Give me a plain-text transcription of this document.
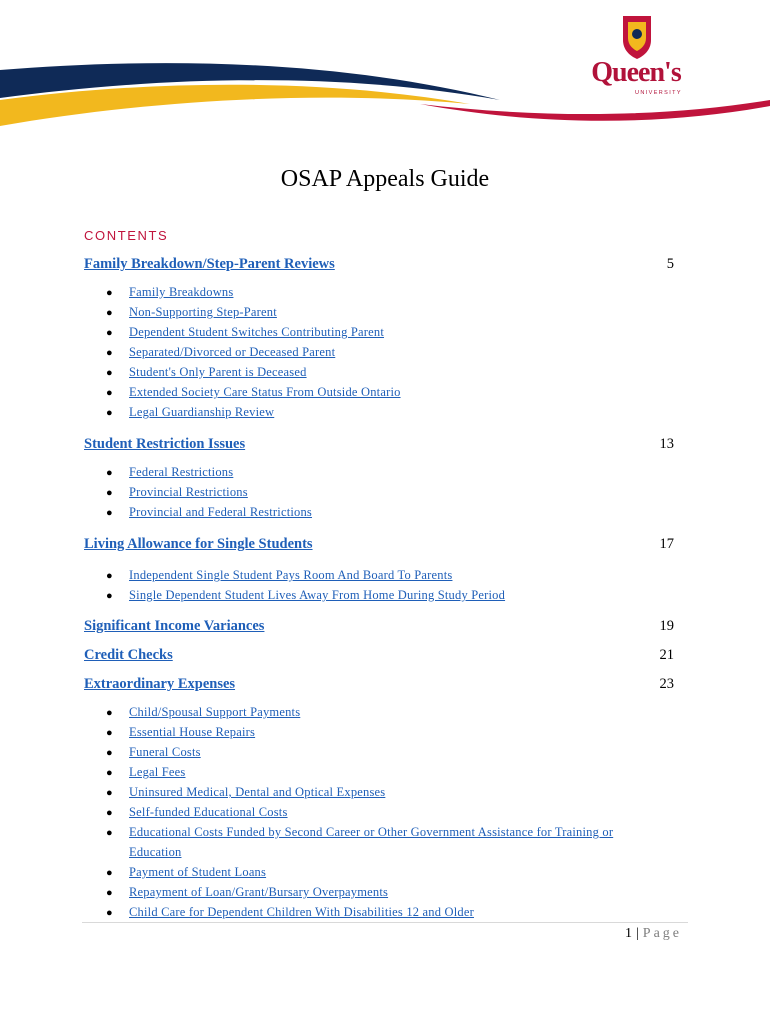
Queen's
UNIVERSITY
OSAP Appeals Guide
CONTENTS
Family Breakdown/Step-Parent Reviews	5
● Family Breakdowns
● Non-Supporting Step-Parent
● Dependent Student Switches Contributing Parent
● Separated/Divorced or Deceased Parent
● Student's Only Parent is Deceased
● Extended Society Care Status From Outside Ontario
● Legal Guardianship Review
Student Restriction Issues	13
● Federal Restrictions
● Provincial Restrictions
● Provincial and Federal Restrictions
Living Allowance for Single Students	17
● Independent Single Student Pays Room And Board To Parents
● Single Dependent Student Lives Away From Home During Study Period
Significant Income Variances	19
Credit Checks	21
Extraordinary Expenses	23
● Child/Spousal Support Payments
● Essential House Repairs
● Funeral Costs
● Legal Fees
● Uninsured Medical, Dental and Optical Expenses
● Self-funded Educational Costs
● Educational Costs Funded by Second Career or Other Government Assistance for Training or
Education
● Payment of Student Loans
● Repayment of Loan/Grant/Bursary Overpayments
● Child Care for Dependent Children With Disabilities 12 and Older
1 | Page
